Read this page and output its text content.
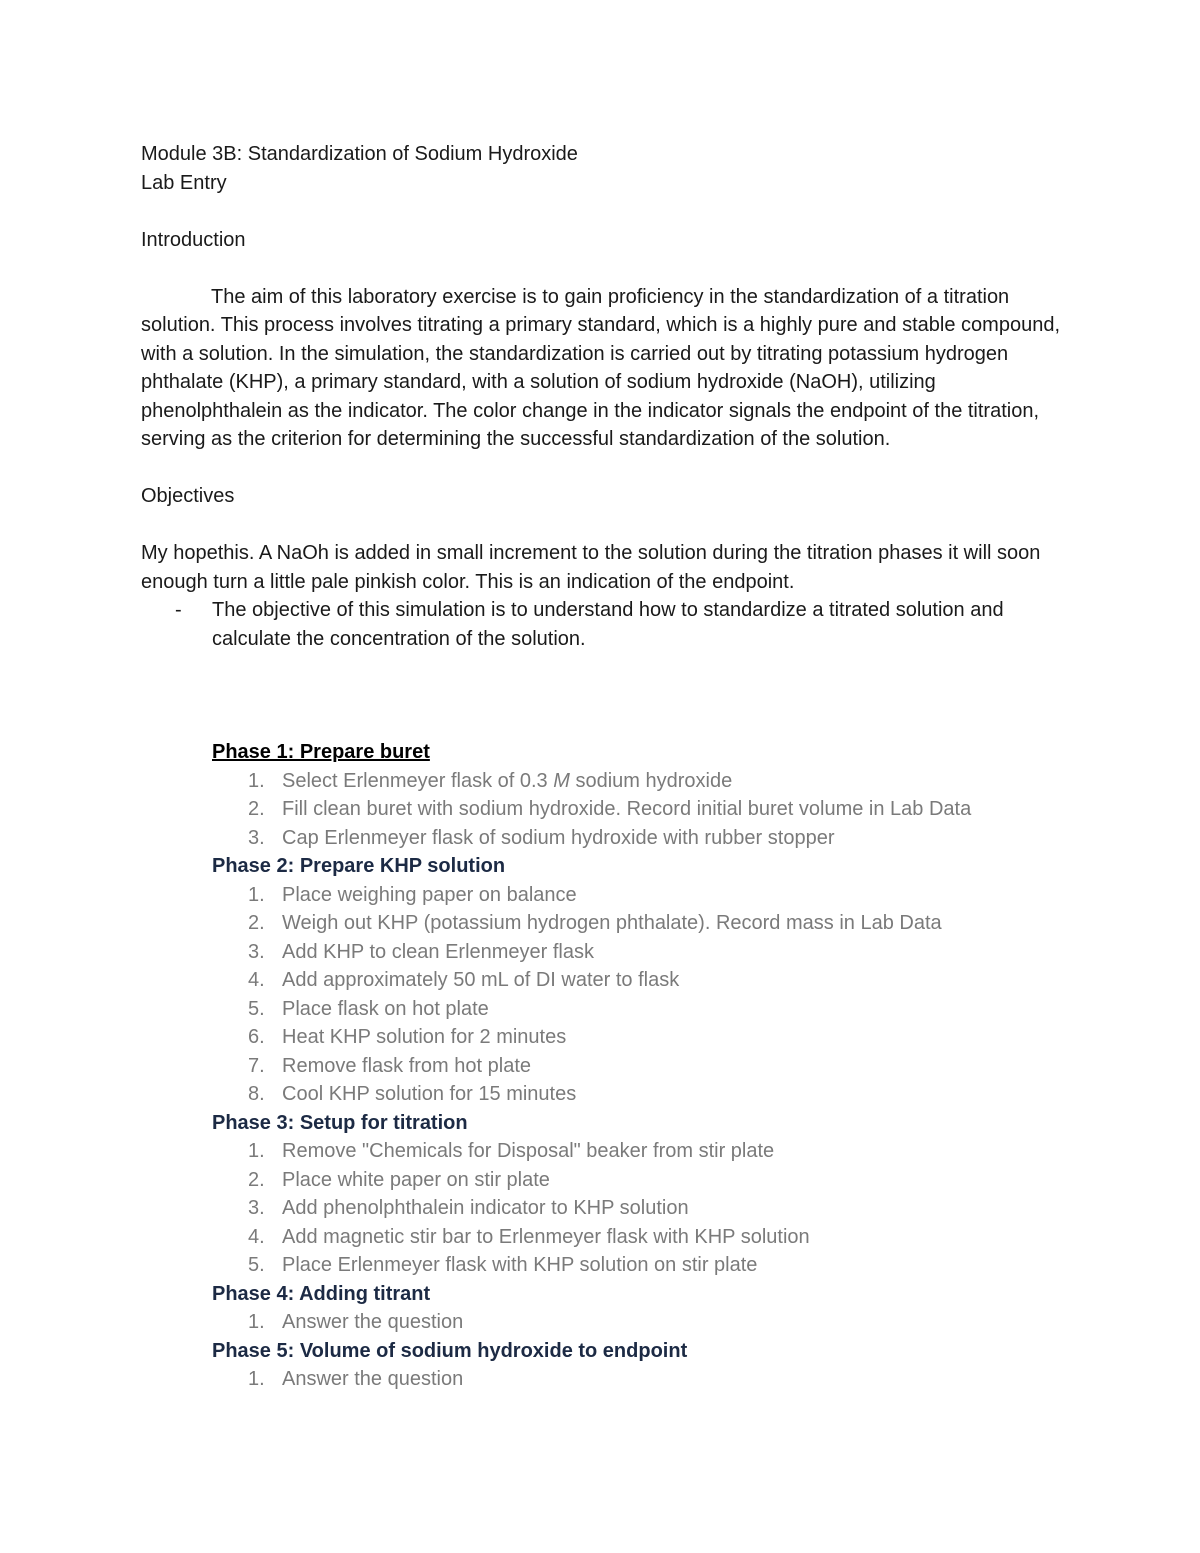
Module 3B: Standardization of Sodium Hydroxide

Lab Entry

Introduction

The aim of this laboratory exercise is to gain proficiency in the standardization of a titration solution. This process involves titrating a primary standard, which is a highly pure and stable compound, with a solution. In the simulation, the standardization is carried out by titrating potassium hydrogen phthalate (KHP), a primary standard, with a solution of sodium hydroxide (NaOH), utilizing phenolphthalein as the indicator. The color change in the indicator signals the endpoint of the titration, serving as the criterion for determining the successful standardization of the solution.

Objectives

My hopethis. A NaOh is added in small increment to the solution during the titration phases it will soon enough turn a little pale pinkish color. This is an indication of the endpoint.

- The objective of this simulation is to understand how to standardize a titrated solution and calculate the concentration of the solution.

Phase 1: Prepare buret

1. Select Erlenmeyer flask of 0.3 M sodium hydroxide
2. Fill clean buret with sodium hydroxide. Record initial buret volume in Lab Data
3. Cap Erlenmeyer flask of sodium hydroxide with rubber stopper

Phase 2: Prepare KHP solution

1. Place weighing paper on balance
2. Weigh out KHP (potassium hydrogen phthalate). Record mass in Lab Data
3. Add KHP to clean Erlenmeyer flask
4. Add approximately 50 mL of DI water to flask
5. Place flask on hot plate
6. Heat KHP solution for 2 minutes
7. Remove flask from hot plate
8. Cool KHP solution for 15 minutes

Phase 3: Setup for titration

1. Remove "Chemicals for Disposal" beaker from stir plate
2. Place white paper on stir plate
3. Add phenolphthalein indicator to KHP solution
4. Add magnetic stir bar to Erlenmeyer flask with KHP solution
5. Place Erlenmeyer flask with KHP solution on stir plate

Phase 4: Adding titrant

1. Answer the question

Phase 5: Volume of sodium hydroxide to endpoint

1. Answer the question
